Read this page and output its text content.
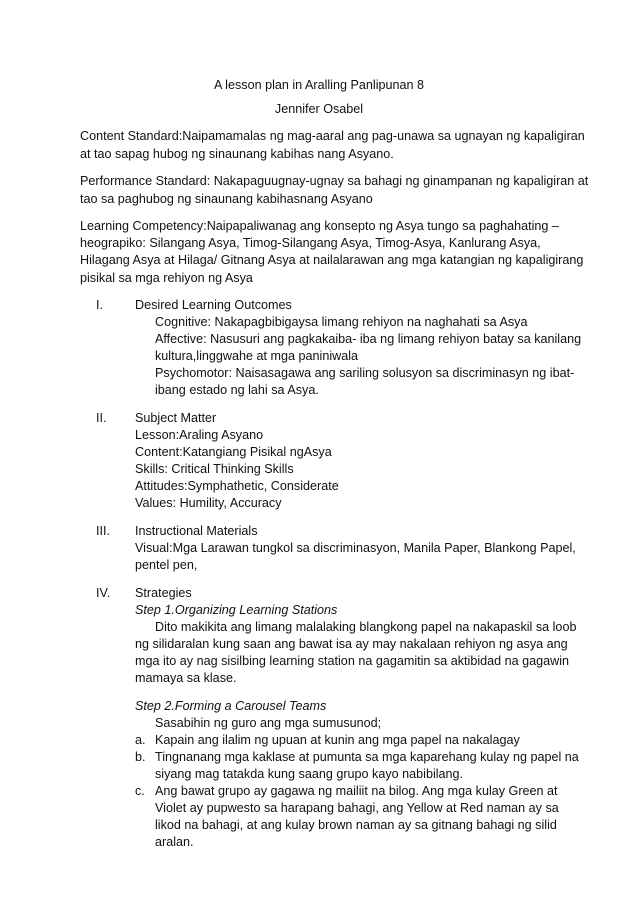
A lesson plan in Aralling Panlipunan 8
Jennifer Osabel
Content Standard:Naipamamalas ng mag-aaral ang pag-unawa sa ugnayan ng kapaligiran
at tao sapag hubog ng sinaunang kabihas nang Asyano.
Performance Standard: Nakapaguugnay-ugnay sa bahagi ng ginampanan ng kapaligiran at
tao sa paghubog ng sinaunang kabihasnang Asyano
Learning Competency:Naipapaliwanag ang konsepto ng Asya tungo sa paghahating –
heograpiko: Silangang Asya, Timog-Silangang Asya, Timog-Asya, Kanlurang Asya,
Hilagang Asya at Hilaga/ Gitnang Asya at nailalarawan ang mga katangian ng kapaligirang
pisikal sa mga rehiyon ng Asya
I.	Desired Learning Outcomes
Cognitive: Nakapagbibigaysa limang rehiyon na naghahati sa Asya
Affective: Nasusuri ang pagkakaiba- iba ng limang rehiyon batay sa kanilang
kultura,linggwahe at mga paniniwala
Psychomotor: Naisasagawa ang sariling solusyon sa discriminasyn ng ibat-
ibang estado ng lahi sa Asya.
II. Subject Matter
Lesson:Araling Asyano
Content:Katangiang Pisikal ngAsya
Skills: Critical Thinking Skills
Attitudes:Symphathetic, Considerate
Values: Humility, Accuracy
III. Instructional Materials
Visual:Mga Larawan tungkol sa discriminasyon, Manila Paper, Blankong Papel,
pentel pen,
IV. Strategies
Step 1.Organizing Learning Stations
Dito makikita ang limang malalaking blangkong papel na nakapaskil sa loob
ng silidaralan kung saan ang bawat isa ay may nakalaan rehiyon ng asya ang
mga ito ay nag sisilbing learning station na gagamitin sa aktibidad na gagawin
mamaya sa klase.
Step 2.Forming a Carousel Teams
Sasabihin ng guro ang mga sumusunod;
a. Kapain ang ilalim ng upuan at kunin ang mga papel na nakalagay
b. Tingnanang mga kaklase at pumunta sa mga kaparehang kulay ng papel na
siyang mag tatakda kung saang grupo kayo nabibilang.
c. Ang bawat grupo ay gagawa ng mailiit na bilog. Ang mga kulay Green at
Violet ay pupwesto sa harapang bahagi, ang Yellow at Red naman ay sa
likod na bahagi, at ang kulay brown naman ay sa gitnang bahagi ng silid
aralan.
